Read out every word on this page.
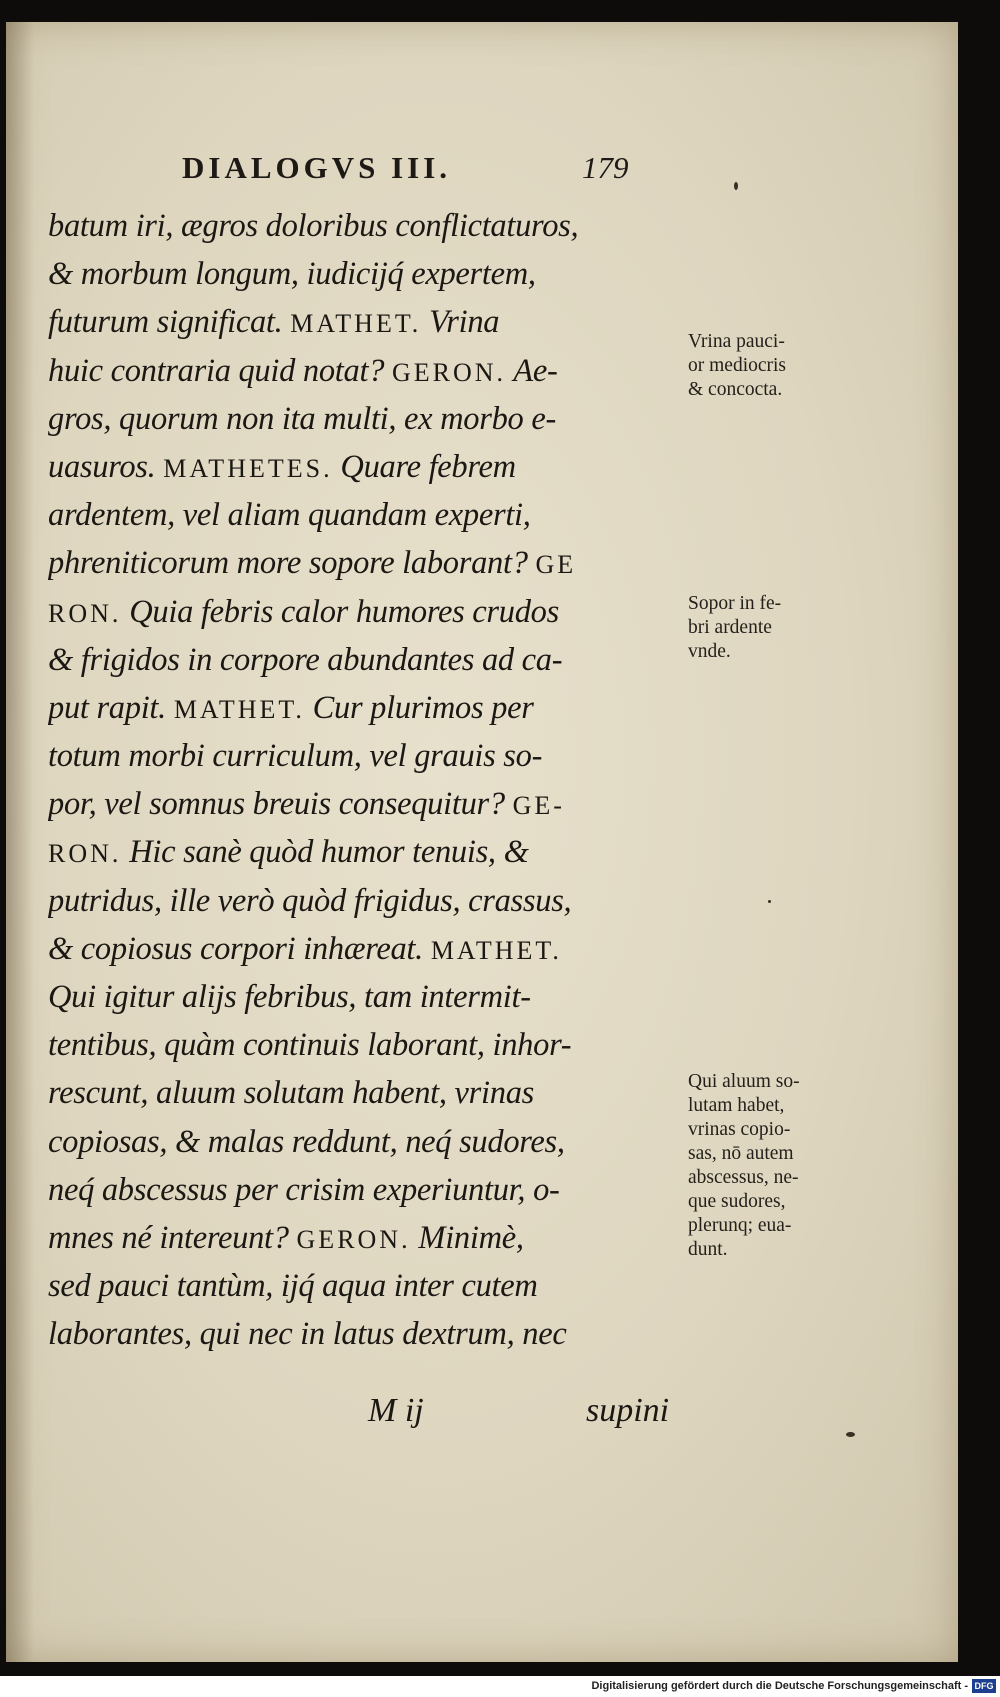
DIALOGVS III.	179
batum iri, ægros doloribus conflictaturos,
& morbum longum, iudicijq́ expertem,
futurum significat. MATHET. Vrina
huic contraria quid notat? GERON. Ae-
gros, quorum non ita multi, ex morbo e-
uasuros. MATHETES. Quare febrem
ardentem, vel aliam quandam experti,
phreniticorum more sopore laborant? GE
RON. Quia febris calor humores crudos
& frigidos in corpore abundantes ad ca-
put rapit. MATHET. Cur plurimos per
totum morbi curriculum, vel grauis so-
por, vel somnus breuis consequitur? GE-
RON. Hic sanè quòd humor tenuis, &
putridus, ille verò quòd frigidus, crassus,
& copiosus corpori inhæreat. MATHET.
Qui igitur alijs febribus, tam intermit-
tentibus, quàm continuis laborant, inhor-
rescunt, aluum solutam habent, vrinas
copiosas, & malas reddunt, neq́ sudores,
neq́ abscessus per crisim experiuntur, o-
mnes né intereunt? GERON. Minimè,
sed pauci tantùm, ijq́ aqua inter cutem
laborantes, qui nec in latus dextrum, nec
Vrina pauci-
or mediocris
& concocta.
Sopor in fe-
bri ardente
vnde.
Qui aluum so-
lutam habet,
vrinas copio-
sas, nō autem
abscessus, ne-
que sudores,
plerunq; eua-
dunt.
M ij	supini
Digitalisierung gefördert durch die Deutsche Forschungsgemeinschaft - DFG
